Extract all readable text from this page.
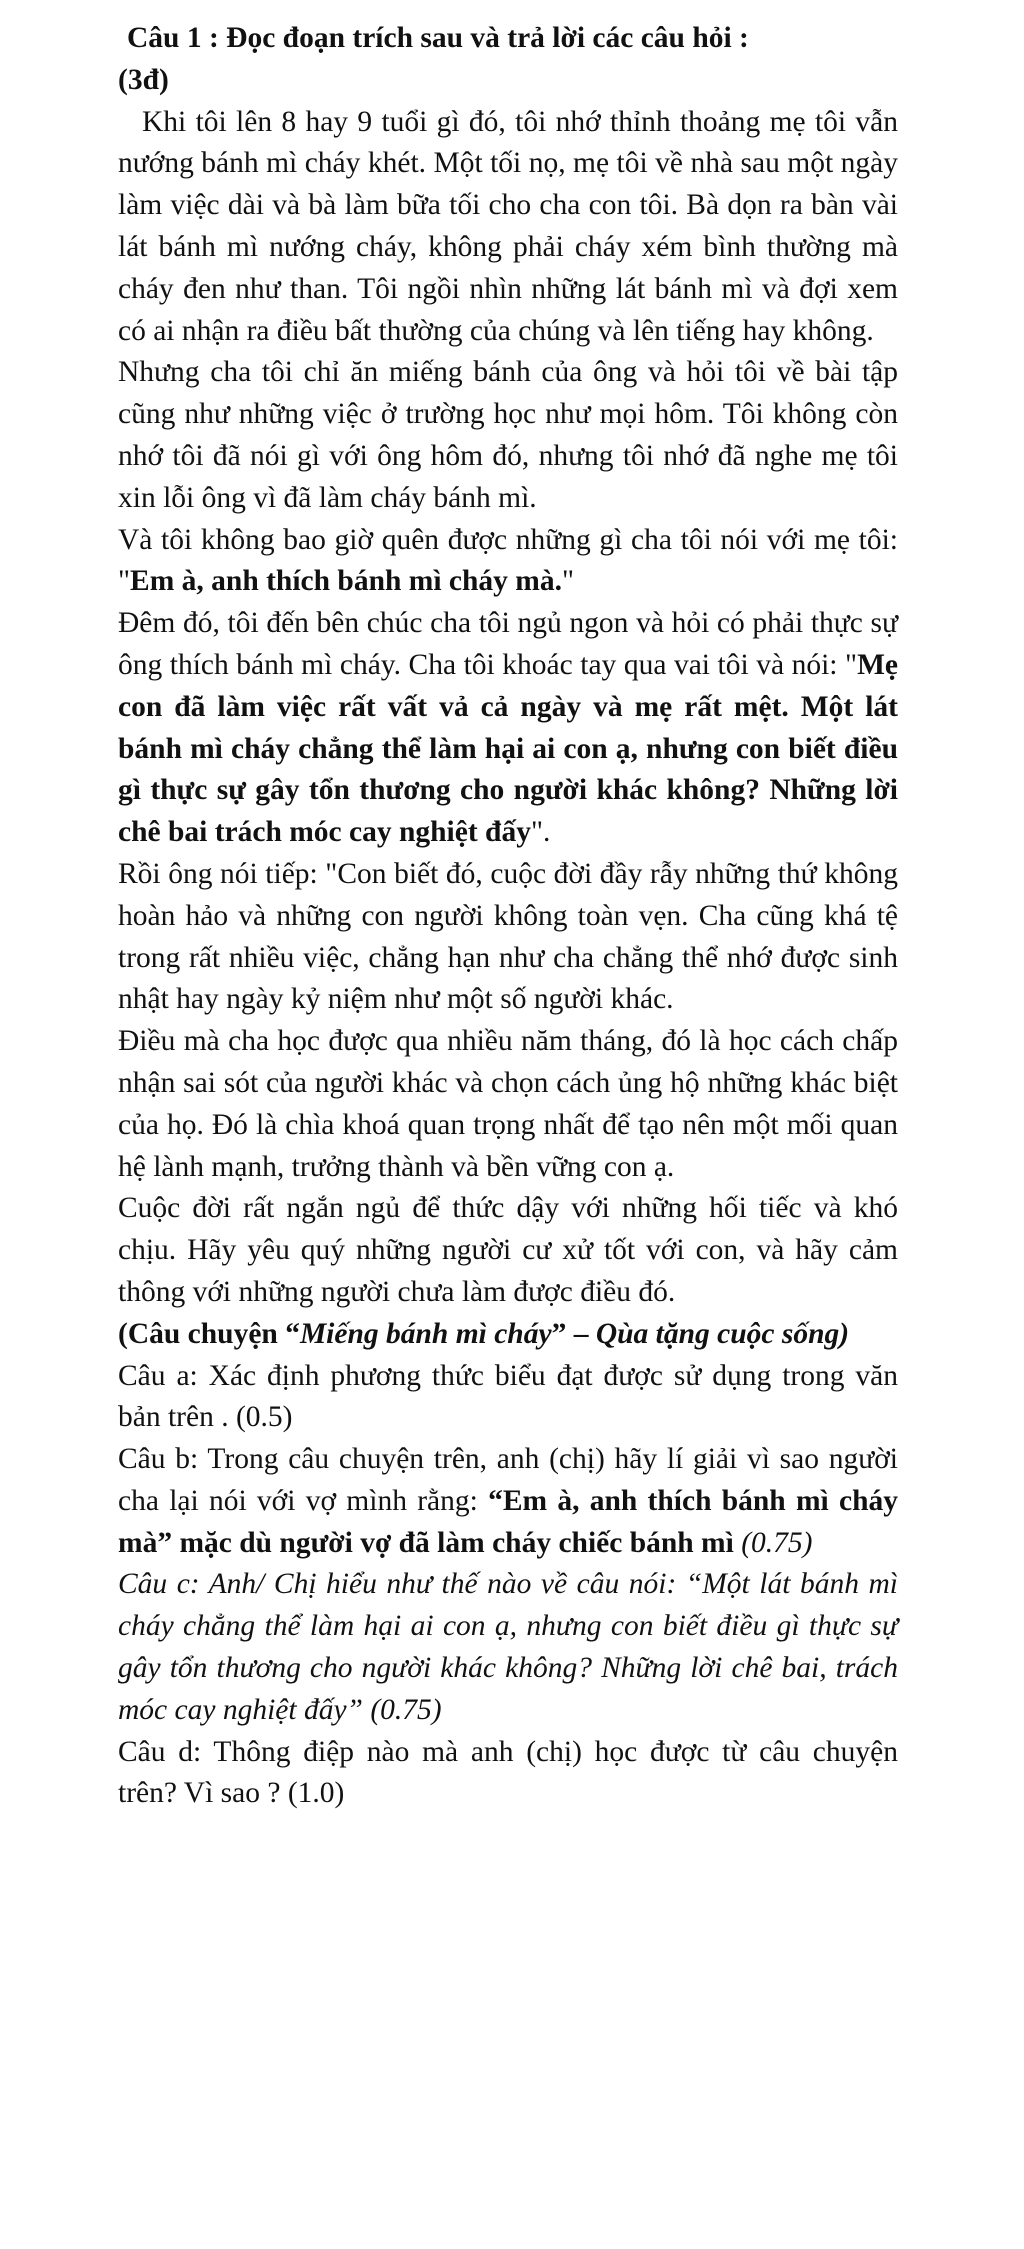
Câu 1 : Đọc đoạn trích sau và trả lời các câu hỏi :

(3đ)

Khi tôi lên 8 hay 9 tuổi gì đó, tôi nhớ thỉnh thoảng mẹ tôi vẫn nướng bánh mì cháy khét. Một tối nọ, mẹ tôi về nhà sau một ngày làm việc dài và bà làm bữa tối cho cha con tôi. Bà dọn ra bàn vài lát bánh mì nướng cháy, không phải cháy xém bình thường mà cháy đen như than. Tôi ngồi nhìn những lát bánh mì và đợi xem có ai nhận ra điều bất thường của chúng và lên tiếng hay không.

Nhưng cha tôi chỉ ăn miếng bánh của ông và hỏi tôi về bài tập cũng như những việc ở trường học như mọi hôm. Tôi không còn nhớ tôi đã nói gì với ông hôm đó, nhưng tôi nhớ đã nghe mẹ tôi xin lỗi ông vì đã làm cháy bánh mì.

Và tôi không bao giờ quên được những gì cha tôi nói với mẹ tôi: "Em à, anh thích bánh mì cháy mà."

Đêm đó, tôi đến bên chúc cha tôi ngủ ngon và hỏi có phải thực sự ông thích bánh mì cháy. Cha tôi khoác tay qua vai tôi và nói: "Mẹ con đã làm việc rất vất vả cả ngày và mẹ rất mệt. Một lát bánh mì cháy chẳng thể làm hại ai con ạ, nhưng con biết điều gì thực sự gây tổn thương cho người khác không? Những lời chê bai trách móc cay nghiệt đấy".

Rồi ông nói tiếp: "Con biết đó, cuộc đời đầy rẫy những thứ không hoàn hảo và những con người không toàn vẹn. Cha cũng khá tệ trong rất nhiều việc, chẳng hạn như cha chẳng thể nhớ được sinh nhật hay ngày kỷ niệm như một số người khác.

Điều mà cha học được qua nhiều năm tháng, đó là học cách chấp nhận sai sót của người khác và chọn cách ủng hộ những khác biệt của họ. Đó là chìa khoá quan trọng nhất để tạo nên một mối quan hệ lành mạnh, trưởng thành và bền vững con ạ.

Cuộc đời rất ngắn ngủ để thức dậy với những hối tiếc và khó chịu. Hãy yêu quý những người cư xử tốt với con, và hãy cảm thông với những người chưa làm được điều đó.

(Câu chuyện “Miếng bánh mì cháy” – Qùa tặng cuộc sống)

Câu a: Xác định phương thức biểu đạt được sử dụng trong văn bản trên . (0.5)

Câu b: Trong câu chuyện trên, anh (chị) hãy lí giải vì sao người cha lại nói với vợ mình rằng: “Em à, anh thích bánh mì cháy mà” mặc dù người vợ đã làm cháy chiếc bánh mì (0.75)

Câu c: Anh/ Chị hiểu như thế nào về câu nói: “Một lát bánh mì cháy chẳng thể làm hại ai con ạ, nhưng con biết điều gì thực sự gây tổn thương cho người khác không? Những lời chê bai, trách móc cay nghiệt đấy” (0.75)

Câu d: Thông điệp nào mà anh (chị) học được từ câu chuyện trên? Vì sao ? (1.0)
